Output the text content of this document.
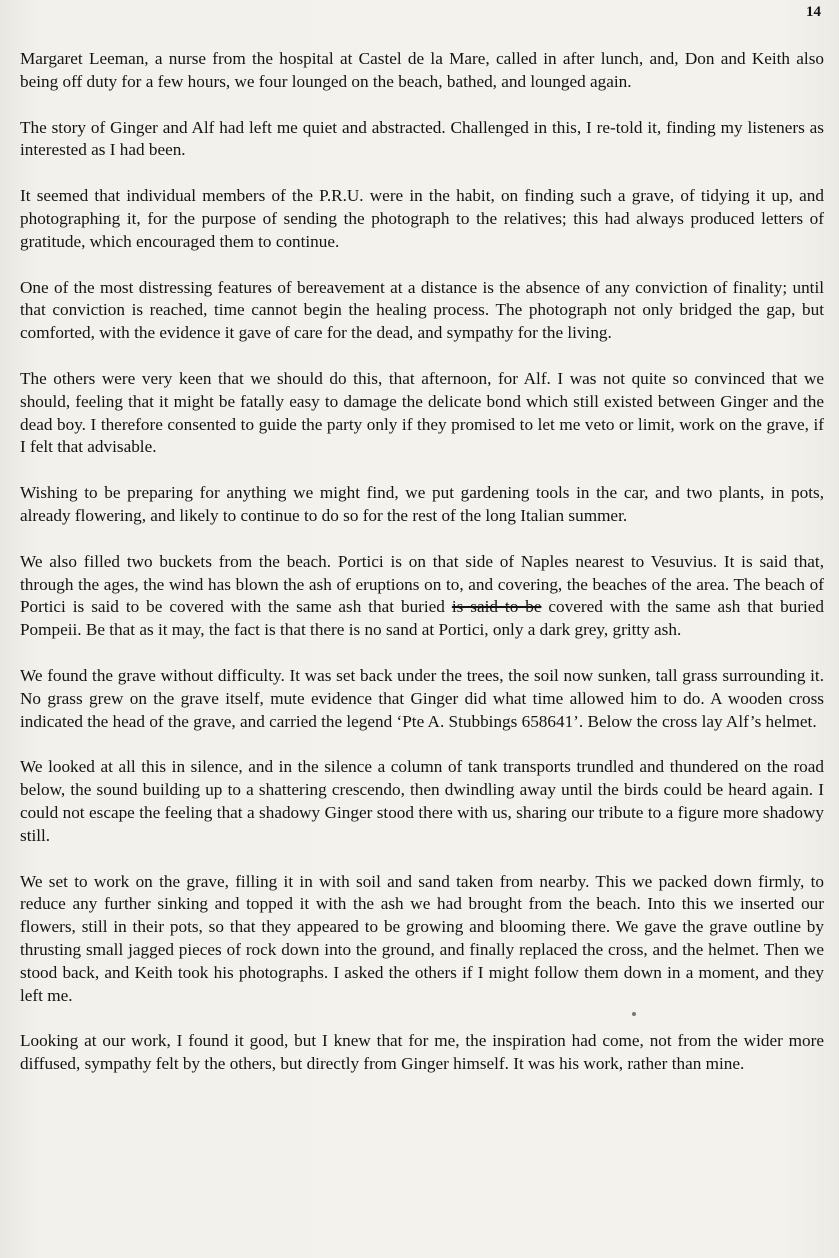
14

Margaret Leeman, a nurse from the hospital at Castel de la Mare, called in after lunch, and, Don and Keith also being off duty for a few hours, we four lounged on the beach, bathed, and lounged again.

The story of Ginger and Alf had left me quiet and abstracted. Challenged in this, I re-told it, finding my listeners as interested as I had been.

It seemed that individual members of the P.R.U. were in the habit, on finding such a grave, of tidying it up, and photographing it, for the purpose of sending the photograph to the relatives; this had always produced letters of gratitude, which encouraged them to continue.

One of the most distressing features of bereavement at a distance is the absence of any conviction of finality; until that conviction is reached, time cannot begin the healing process. The photograph not only bridged the gap, but comforted, with the evidence it gave of care for the dead, and sympathy for the living.

The others were very keen that we should do this, that afternoon, for Alf. I was not quite so convinced that we should, feeling that it might be fatally easy to damage the delicate bond which still existed between Ginger and the dead boy. I therefore consented to guide the party only if they promised to let me veto or limit, work on the grave, if I felt that advisable.

Wishing to be preparing for anything we might find, we put gardening tools in the car, and two plants, in pots, already flowering, and likely to continue to do so for the rest of the long Italian summer.

We also filled two buckets from the beach. Portici is on that side of Naples nearest to Vesuvius. It is said that, through the ages, the wind has blown the ash of eruptions on to, and covering, the beaches of the area. The beach of Portici is said to be covered with the same ash that buried is said to be covered with the same ash that buried Pompeii. Be that as it may, the fact is that there is no sand at Portici, only a dark grey, gritty ash.

We found the grave without difficulty. It was set back under the trees, the soil now sunken, tall grass surrounding it. No grass grew on the grave itself, mute evidence that Ginger did what time allowed him to do. A wooden cross indicated the head of the grave, and carried the legend ‘Pte A. Stubbings 658641’. Below the cross lay Alf’s helmet.

We looked at all this in silence, and in the silence a column of tank transports trundled and thundered on the road below, the sound building up to a shattering crescendo, then dwindling away until the birds could be heard again. I could not escape the feeling that a shadowy Ginger stood there with us, sharing our tribute to a figure more shadowy still.

We set to work on the grave, filling it in with soil and sand taken from nearby. This we packed down firmly, to reduce any further sinking and topped it with the ash we had brought from the beach. Into this we inserted our flowers, still in their pots, so that they appeared to be growing and blooming there. We gave the grave outline by thrusting small jagged pieces of rock down into the ground, and finally replaced the cross, and the helmet. Then we stood back, and Keith took his photographs. I asked the others if I might follow them down in a moment, and they left me.

Looking at our work, I found it good, but I knew that for me, the inspiration had come, not from the wider more diffused, sympathy felt by the others, but directly from Ginger himself. It was his work, rather than mine.
